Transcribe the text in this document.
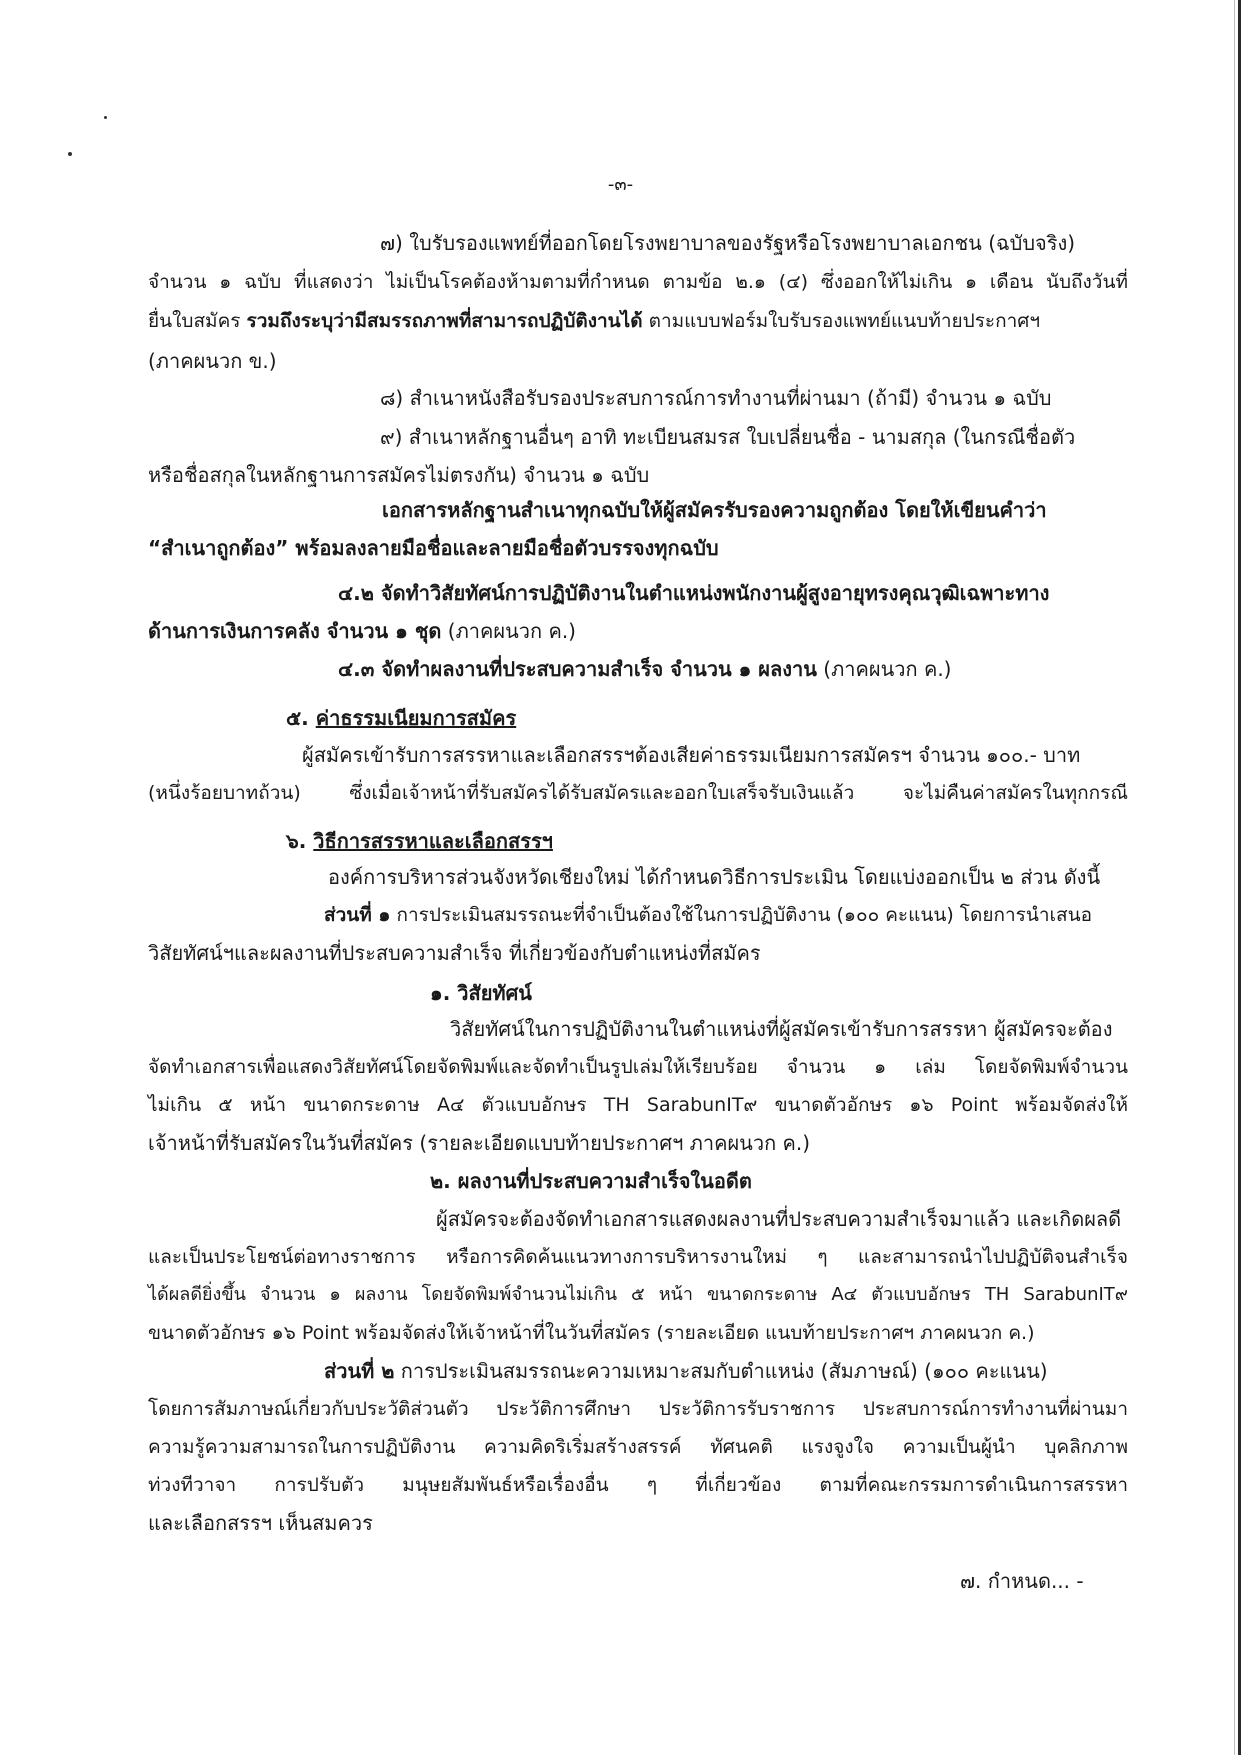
-๓-
๗) ใบรับรองแพทย์ที่ออกโดยโรงพยาบาลของรัฐหรือโรงพยาบาลเอกชน (ฉบับจริง)
จำนวน ๑ ฉบับ ที่แสดงว่า ไม่เป็นโรคต้องห้ามตามที่กำหนด ตามข้อ ๒.๑ (๔) ซึ่งออกให้ไม่เกิน ๑ เดือน นับถึงวันที่
ยื่นใบสมัคร รวมถึงระบุว่ามีสมรรถภาพที่สามารถปฏิบัติงานได้ ตามแบบฟอร์มใบรับรองแพทย์แนบท้ายประกาศฯ
(ภาคผนวก ข.)
๘) สำเนาหนังสือรับรองประสบการณ์การทำงานที่ผ่านมา (ถ้ามี) จำนวน ๑ ฉบับ
๙) สำเนาหลักฐานอื่นๆ อาทิ ทะเบียนสมรส ใบเปลี่ยนชื่อ - นามสกุล (ในกรณีชื่อตัว
หรือชื่อสกุลในหลักฐานการสมัครไม่ตรงกัน) จำนวน ๑ ฉบับ
เอกสารหลักฐานสำเนาทุกฉบับให้ผู้สมัครรับรองความถูกต้อง โดยให้เขียนคำว่า
“สำเนาถูกต้อง” พร้อมลงลายมือชื่อและลายมือชื่อตัวบรรจงทุกฉบับ
๔.๒ จัดทำวิสัยทัศน์การปฏิบัติงานในตำแหน่งพนักงานผู้สูงอายุทรงคุณวุฒิเฉพาะทาง
ด้านการเงินการคลัง จำนวน ๑ ชุด (ภาคผนวก ค.)
๔.๓ จัดทำผลงานที่ประสบความสำเร็จ จำนวน ๑ ผลงาน (ภาคผนวก ค.)
๕. ค่าธรรมเนียมการสมัคร
ผู้สมัครเข้ารับการสรรหาและเลือกสรรฯต้องเสียค่าธรรมเนียมการสมัครฯ จำนวน ๑๐๐.- บาท
(หนึ่งร้อยบาทถ้วน) ซึ่งเมื่อเจ้าหน้าที่รับสมัครได้รับสมัครและออกใบเสร็จรับเงินแล้ว จะไม่คืนค่าสมัครในทุกกรณี
๖. วิธีการสรรหาและเลือกสรรฯ
องค์การบริหารส่วนจังหวัดเชียงใหม่ ได้กำหนดวิธีการประเมิน โดยแบ่งออกเป็น ๒ ส่วน ดังนี้
ส่วนที่ ๑ การประเมินสมรรถนะที่จำเป็นต้องใช้ในการปฏิบัติงาน (๑๐๐ คะแนน) โดยการนำเสนอ
วิสัยทัศน์ฯและผลงานที่ประสบความสำเร็จ ที่เกี่ยวข้องกับตำแหน่งที่สมัคร
๑. วิสัยทัศน์
วิสัยทัศน์ในการปฏิบัติงานในตำแหน่งที่ผู้สมัครเข้ารับการสรรหา ผู้สมัครจะต้อง
จัดทำเอกสารเพื่อแสดงวิสัยทัศน์โดยจัดพิมพ์และจัดทำเป็นรูปเล่มให้เรียบร้อย จำนวน ๑ เล่ม โดยจัดพิมพ์จำนวน
ไม่เกิน ๕ หน้า ขนาดกระดาษ A๔ ตัวแบบอักษร TH SarabunIT๙ ขนาดตัวอักษร ๑๖ Point พร้อมจัดส่งให้
เจ้าหน้าที่รับสมัครในวันที่สมัคร (รายละเอียดแบบท้ายประกาศฯ ภาคผนวก ค.)
๒. ผลงานที่ประสบความสำเร็จในอดีต
ผู้สมัครจะต้องจัดทำเอกสารแสดงผลงานที่ประสบความสำเร็จมาแล้ว และเกิดผลดี
และเป็นประโยชน์ต่อทางราชการ หรือการคิดค้นแนวทางการบริหารงานใหม่ ๆ และสามารถนำไปปฏิบัติจนสำเร็จ
ได้ผลดียิ่งขึ้น จำนวน ๑ ผลงาน โดยจัดพิมพ์จำนวนไม่เกิน ๕ หน้า ขนาดกระดาษ A๔ ตัวแบบอักษร TH SarabunIT๙
ขนาดตัวอักษร ๑๖ Point พร้อมจัดส่งให้เจ้าหน้าที่ในวันที่สมัคร (รายละเอียด แนบท้ายประกาศฯ ภาคผนวก ค.)
ส่วนที่ ๒ การประเมินสมรรถนะความเหมาะสมกับตำแหน่ง (สัมภาษณ์) (๑๐๐ คะแนน)
โดยการสัมภาษณ์เกี่ยวกับประวัติส่วนตัว ประวัติการศึกษา ประวัติการรับราชการ ประสบการณ์การทำงานที่ผ่านมา
ความรู้ความสามารถในการปฏิบัติงาน ความคิดริเริ่มสร้างสรรค์ ทัศนคติ แรงจูงใจ ความเป็นผู้นำ บุคลิกภาพ
ท่วงทีวาจา การปรับตัว มนุษยสัมพันธ์หรือเรื่องอื่น ๆ ที่เกี่ยวข้อง ตามที่คณะกรรมการดำเนินการสรรหา
และเลือกสรรฯ เห็นสมควร
๗. กำหนด... -
